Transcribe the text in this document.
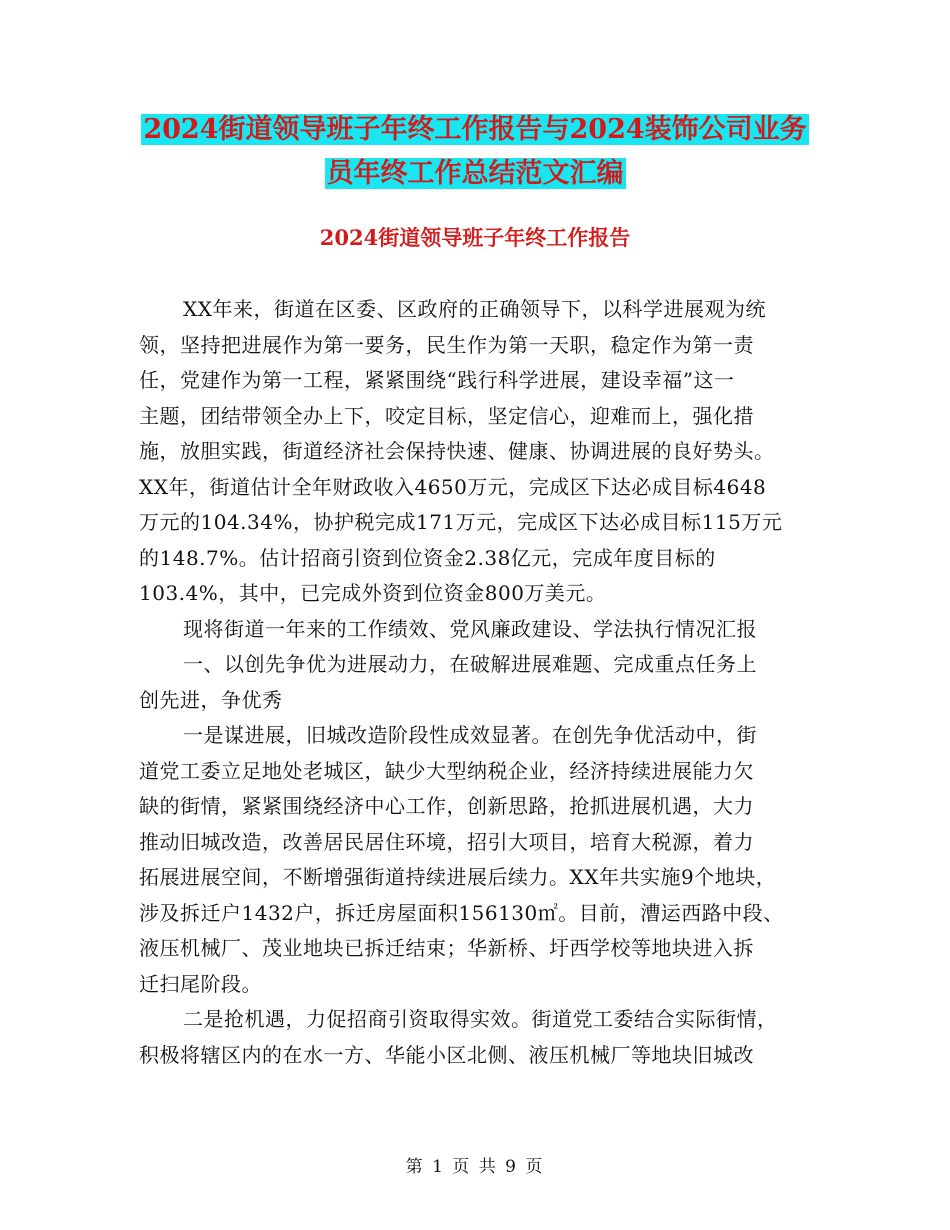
2024街道领导班子年终工作报告与2024装饰公司业务
员年终工作总结范文汇编
2024街道领导班子年终工作报告
XX年来，街道在区委、区政府的正确领导下，以科学进展观为统
领，坚持把进展作为第一要务，民生作为第一天职，稳定作为第一责
任，党建作为第一工程，紧紧围绕“践行科学进展，建设幸福”这一
主题，团结带领全办上下，咬定目标，坚定信心，迎难而上，强化措
施，放胆实践，街道经济社会保持快速、健康、协调进展的良好势头。
XX年，街道估计全年财政收入4650万元，完成区下达必成目标4648
万元的104.34%，协护税完成171万元，完成区下达必成目标115万元
的148.7%。估计招商引资到位资金2.38亿元，完成年度目标的
103.4%，其中，已完成外资到位资金800万美元。
现将街道一年来的工作绩效、党风廉政建设、学法执行情况汇报
一、以创先争优为进展动力，在破解进展难题、完成重点任务上
创先进，争优秀
一是谋进展，旧城改造阶段性成效显著。在创先争优活动中，街
道党工委立足地处老城区，缺少大型纳税企业，经济持续进展能力欠
缺的街情，紧紧围绕经济中心工作，创新思路，抢抓进展机遇，大力
推动旧城改造，改善居民居住环境，招引大项目，培育大税源，着力
拓展进展空间，不断增强街道持续进展后续力。XX年共实施9个地块，
涉及拆迁户1432户，拆迁房屋面积156130㎡。目前，漕运西路中段、
液压机械厂、茂业地块已拆迁结束；华新桥、圩西学校等地块进入拆
迁扫尾阶段。
二是抢机遇，力促招商引资取得实效。街道党工委结合实际街情，
积极将辖区内的在水一方、华能小区北侧、液压机械厂等地块旧城改
第 1 页 共 9 页
